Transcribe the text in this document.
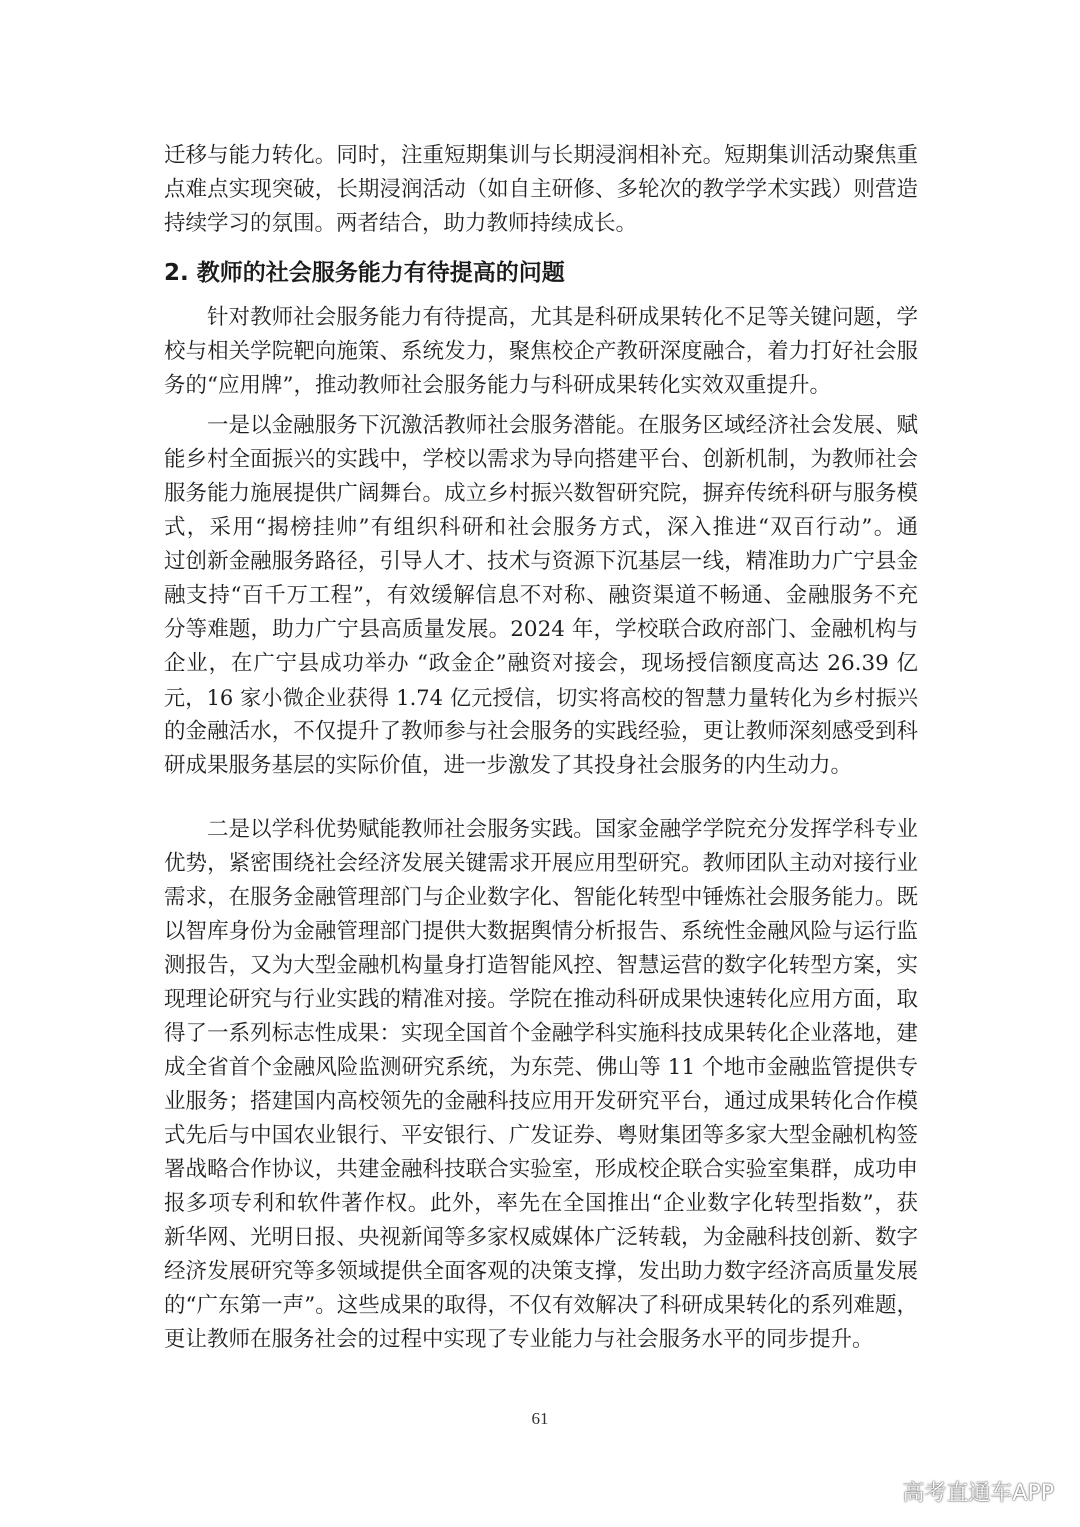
迁移与能力转化。同时，注重短期集训与长期浸润相补充。短期集训活动聚焦重
点难点实现突破，长期浸润活动（如自主研修、多轮次的教学学术实践）则营造
持续学习的氛围。两者结合，助力教师持续成长。
2. 教师的社会服务能力有待提高的问题
针对教师社会服务能力有待提高，尤其是科研成果转化不足等关键问题，学
校与相关学院靶向施策、系统发力，聚焦校企产教研深度融合，着力打好社会服
务的“应用牌”，推动教师社会服务能力与科研成果转化实效双重提升。
一是以金融服务下沉激活教师社会服务潜能。在服务区域经济社会发展、赋
能乡村全面振兴的实践中，学校以需求为导向搭建平台、创新机制，为教师社会
服务能力施展提供广阔舞台。成立乡村振兴数智研究院，摒弃传统科研与服务模
式，采用“揭榜挂帅”有组织科研和社会服务方式，深入推进“双百行动”。通
过创新金融服务路径，引导人才、技术与资源下沉基层一线，精准助力广宁县金
融支持“百千万工程”，有效缓解信息不对称、融资渠道不畅通、金融服务不充
分等难题，助力广宁县高质量发展。2024 年，学校联合政府部门、金融机构与
企业，在广宁县成功举办 “政金企”融资对接会，现场授信额度高达 26.39 亿
元，16 家小微企业获得 1.74 亿元授信，切实将高校的智慧力量转化为乡村振兴
的金融活水，不仅提升了教师参与社会服务的实践经验，更让教师深刻感受到科
研成果服务基层的实际价值，进一步激发了其投身社会服务的内生动力。
二是以学科优势赋能教师社会服务实践。国家金融学学院充分发挥学科专业
优势，紧密围绕社会经济发展关键需求开展应用型研究。教师团队主动对接行业
需求，在服务金融管理部门与企业数字化、智能化转型中锤炼社会服务能力。既
以智库身份为金融管理部门提供大数据舆情分析报告、系统性金融风险与运行监
测报告，又为大型金融机构量身打造智能风控、智慧运营的数字化转型方案，实
现理论研究与行业实践的精准对接。学院在推动科研成果快速转化应用方面，取
得了一系列标志性成果：实现全国首个金融学科实施科技成果转化企业落地，建
成全省首个金融风险监测研究系统，为东莞、佛山等 11 个地市金融监管提供专
业服务；搭建国内高校领先的金融科技应用开发研究平台，通过成果转化合作模
式先后与中国农业银行、平安银行、广发证券、粤财集团等多家大型金融机构签
署战略合作协议，共建金融科技联合实验室，形成校企联合实验室集群，成功申
报多项专利和软件著作权。此外，率先在全国推出“企业数字化转型指数”，获
新华网、光明日报、央视新闻等多家权威媒体广泛转载，为金融科技创新、数字
经济发展研究等多领域提供全面客观的决策支撑，发出助力数字经济高质量发展
的“广东第一声”。这些成果的取得，不仅有效解决了科研成果转化的系列难题，
更让教师在服务社会的过程中实现了专业能力与社会服务水平的同步提升。
61
高考直通车APP
